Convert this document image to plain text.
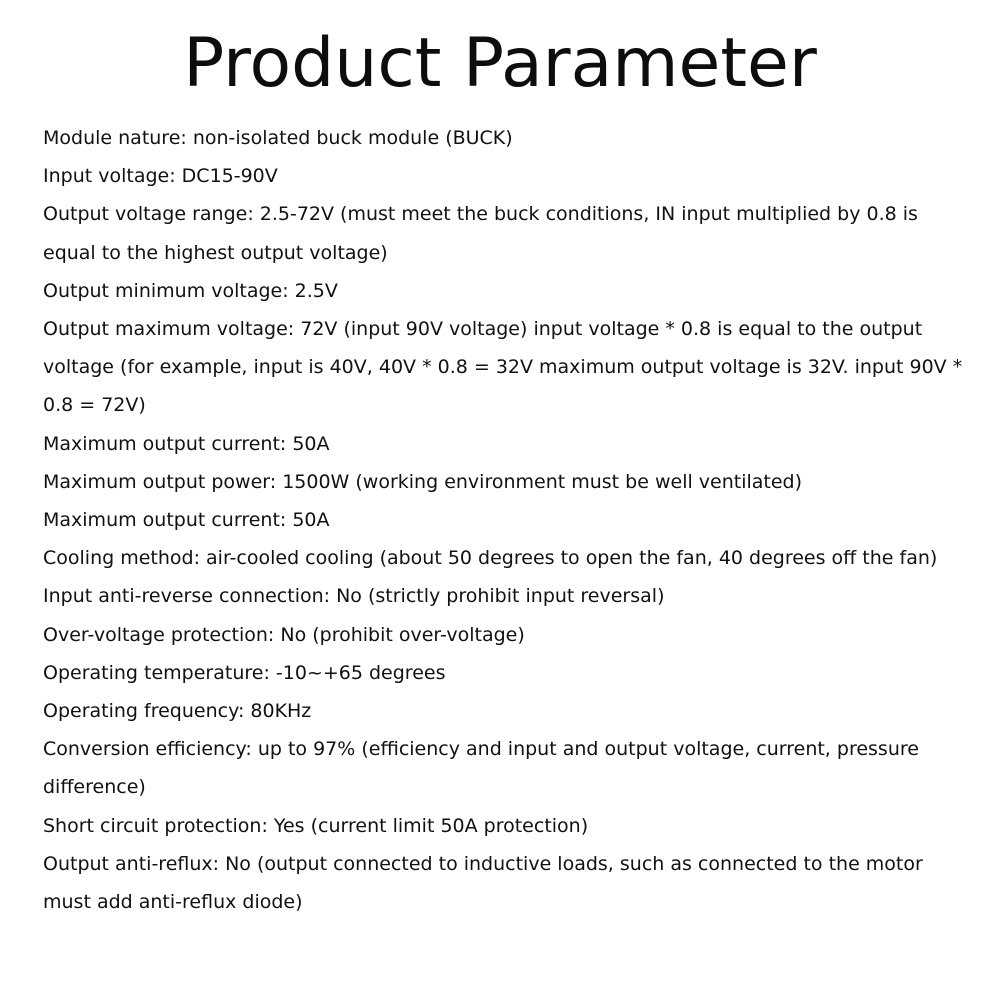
Product Parameter
Module nature: non-isolated buck module (BUCK)
Input voltage: DC15-90V
Output voltage range: 2.5-72V (must meet the buck conditions, IN input multiplied by 0.8 is equal to the highest output voltage)
Output minimum voltage: 2.5V
Output maximum voltage: 72V (input 90V voltage) input voltage * 0.8 is equal to the output voltage (for example, input is 40V, 40V * 0.8 = 32V maximum output voltage is 32V. input 90V * 0.8 = 72V)
Maximum output current: 50A
Maximum output power: 1500W (working environment must be well ventilated)
Maximum output current: 50A
Cooling method: air-cooled cooling (about 50 degrees to open the fan, 40 degrees off the fan)
Input anti-reverse connection: No (strictly prohibit input reversal)
Over-voltage protection: No (prohibit over-voltage)
Operating temperature: -10~+65 degrees
Operating frequency: 80KHz
Conversion efficiency: up to 97% (efficiency and input and output voltage, current, pressure difference)
Short circuit protection: Yes (current limit 50A protection)
Output anti-reflux: No (output connected to inductive loads, such as connected to the motor must add anti-reflux diode)
